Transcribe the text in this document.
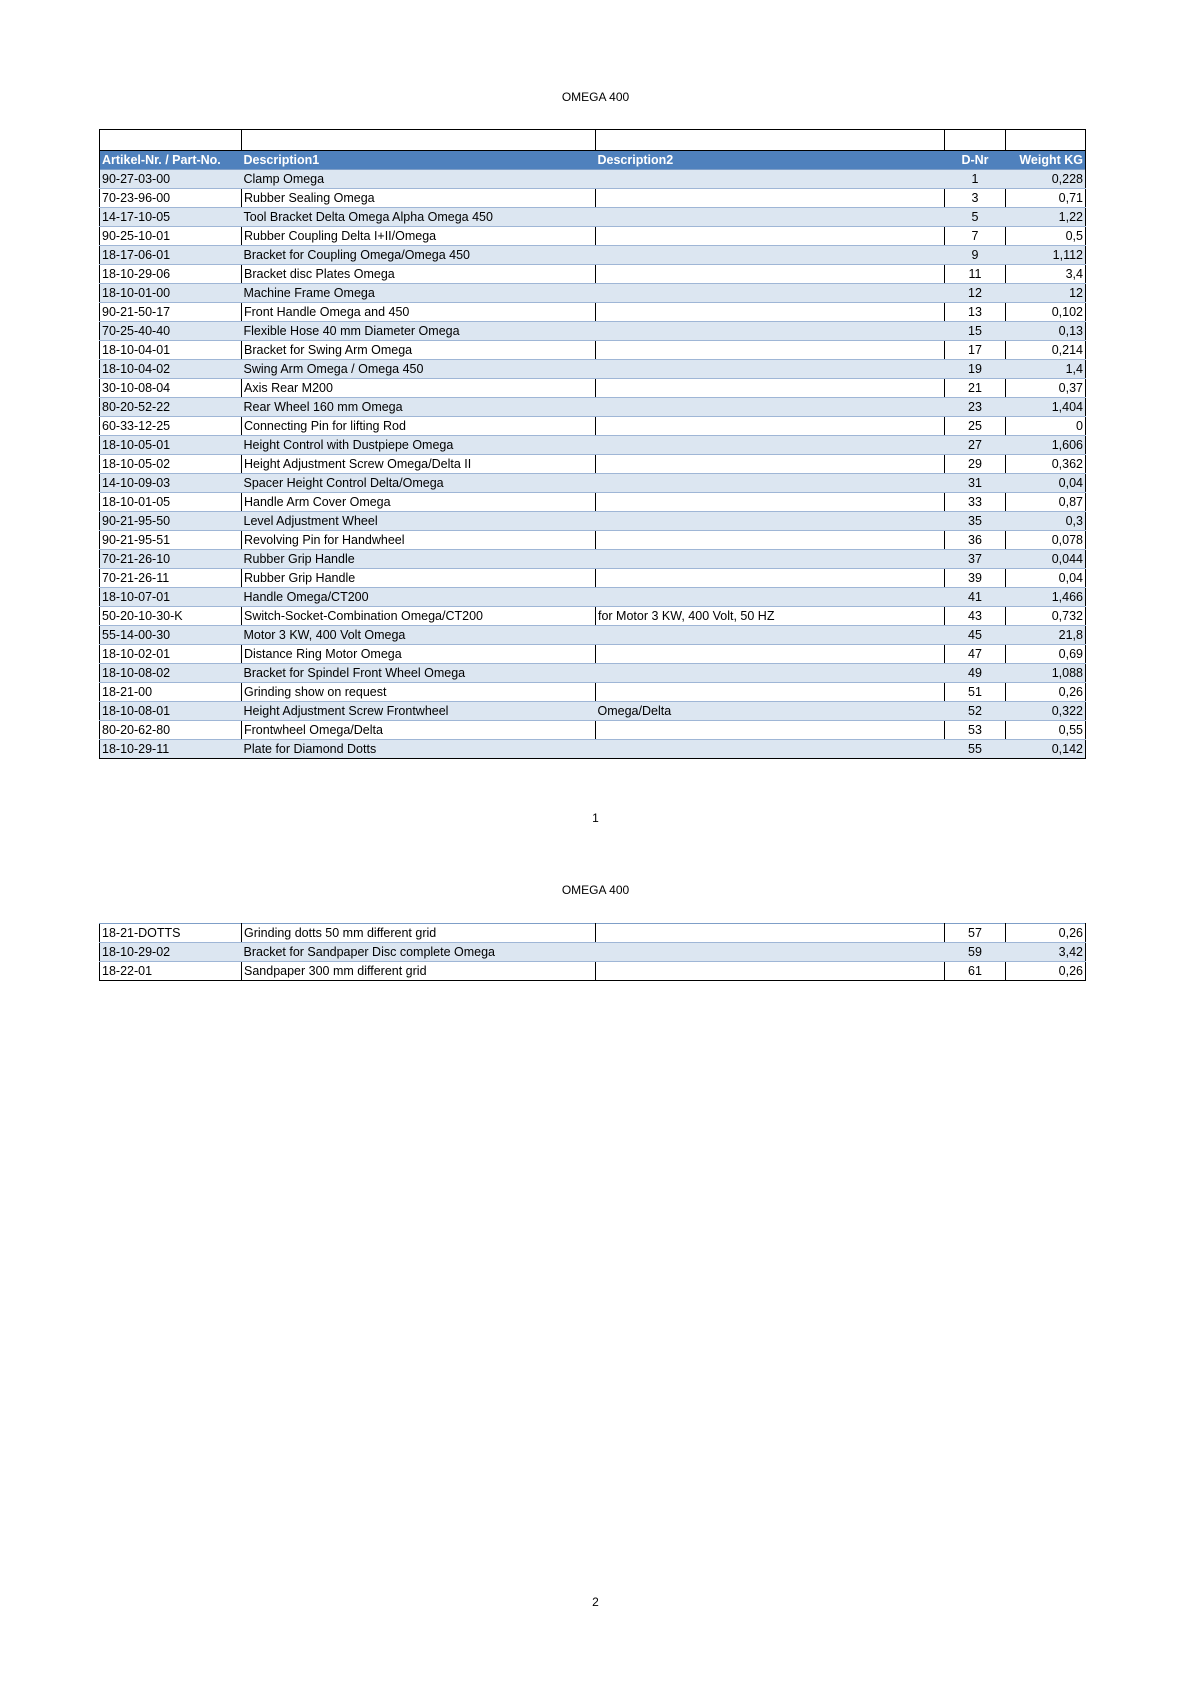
OMEGA 400

Artikel-Nr. / Part-No.	Description1	Description2	D-Nr	Weight KG
90-27-03-00	Clamp Omega		1	0,228
70-23-96-00	Rubber Sealing Omega		3	0,71
14-17-10-05	Tool Bracket Delta Omega Alpha Omega 450		5	1,22
90-25-10-01	Rubber Coupling Delta I+II/Omega		7	0,5
18-17-06-01	Bracket for Coupling Omega/Omega 450		9	1,112
18-10-29-06	Bracket disc Plates Omega		11	3,4
18-10-01-00	Machine Frame Omega		12	12
90-21-50-17	Front Handle Omega and 450		13	0,102
70-25-40-40	Flexible Hose 40 mm Diameter Omega		15	0,13
18-10-04-01	Bracket for Swing Arm Omega		17	0,214
18-10-04-02	Swing Arm Omega / Omega 450		19	1,4
30-10-08-04	Axis Rear M200		21	0,37
80-20-52-22	Rear Wheel 160 mm Omega		23	1,404
60-33-12-25	Connecting Pin for lifting Rod		25	0
18-10-05-01	Height Control with Dustpiepe Omega		27	1,606
18-10-05-02	Height Adjustment Screw Omega/Delta II		29	0,362
14-10-09-03	Spacer Height Control Delta/Omega		31	0,04
18-10-01-05	Handle Arm Cover Omega		33	0,87
90-21-95-50	Level Adjustment Wheel		35	0,3
90-21-95-51	Revolving Pin for Handwheel		36	0,078
70-21-26-10	Rubber Grip Handle		37	0,044
70-21-26-11	Rubber Grip Handle		39	0,04
18-10-07-01	Handle Omega/CT200		41	1,466
50-20-10-30-K	Switch-Socket-Combination Omega/CT200	for Motor 3 KW, 400 Volt, 50 HZ	43	0,732
55-14-00-30	Motor 3 KW, 400 Volt Omega		45	21,8
18-10-02-01	Distance Ring Motor Omega		47	0,69
18-10-08-02	Bracket for Spindel Front Wheel Omega		49	1,088
18-21-00	Grinding show on request		51	0,26
18-10-08-01	Height Adjustment Screw Frontwheel	Omega/Delta	52	0,322
80-20-62-80	Frontwheel Omega/Delta		53	0,55
18-10-29-11	Plate for Diamond Dotts		55	0,142
1
OMEGA 400
18-21-DOTTS	Grinding dotts 50 mm different grid		57	0,26
18-10-29-02	Bracket for Sandpaper Disc complete Omega		59	3,42
18-22-01	Sandpaper 300 mm different grid		61	0,26
2
